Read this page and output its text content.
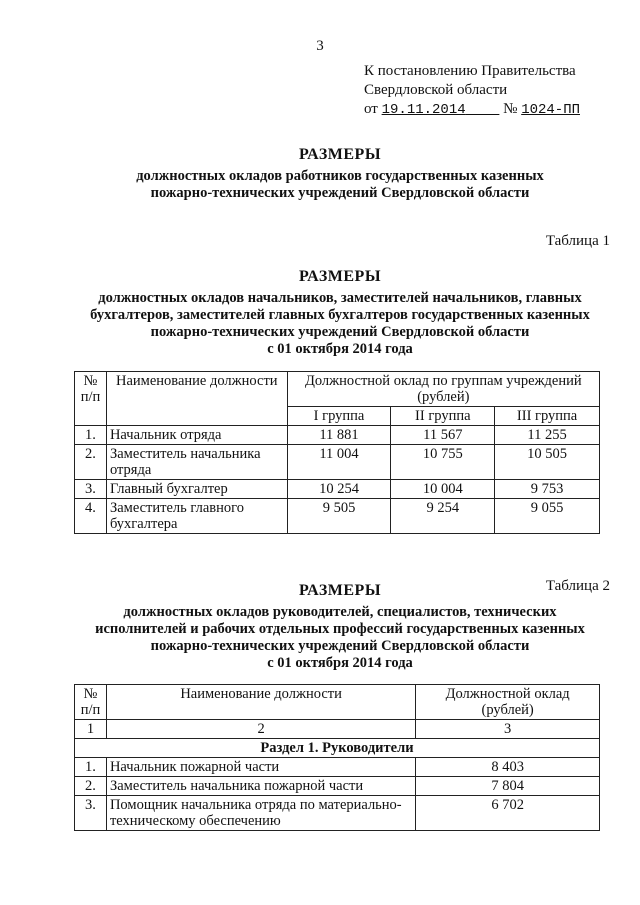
3
К постановлению Правительства
Свердловской области
от 19.11.2014	№ 1024-ПП
РАЗМЕРЫ
должностных окладов работников государственных казенных
пожарно-технических учреждений Свердловской области
Таблица 1
РАЗМЕРЫ
должностных окладов начальников, заместителей начальников, главных
бухгалтеров, заместителей главных бухгалтеров государственных казенных
пожарно-технических учреждений Свердловской области
с 01 октября 2014 года
№ п/п	Наименование должности	Должностной оклад по группам учреждений (рублей)		
		I группа	II группа	III группа
1.	Начальник отряда	11 881	11 567	11 255
2.	Заместитель начальника отряда	11 004	10 755	10 505
3.	Главный бухгалтер	10 254	10 004	9 753
4.	Заместитель главного бухгалтера	9 505	9 254	9 055
Таблица 2
РАЗМЕРЫ
должностных окладов руководителей, специалистов, технических
исполнителей и рабочих отдельных профессий государственных казенных
пожарно-технических учреждений Свердловской области
с 01 октября 2014 года
№ п/п	Наименование должности	Должностной оклад (рублей)
1	2	3
Раздел 1. Руководители		
1.	Начальник пожарной части	8 403
2.	Заместитель начальника пожарной части	7 804
3.	Помощник начальника отряда по материально-техническому обеспечению	6 702
